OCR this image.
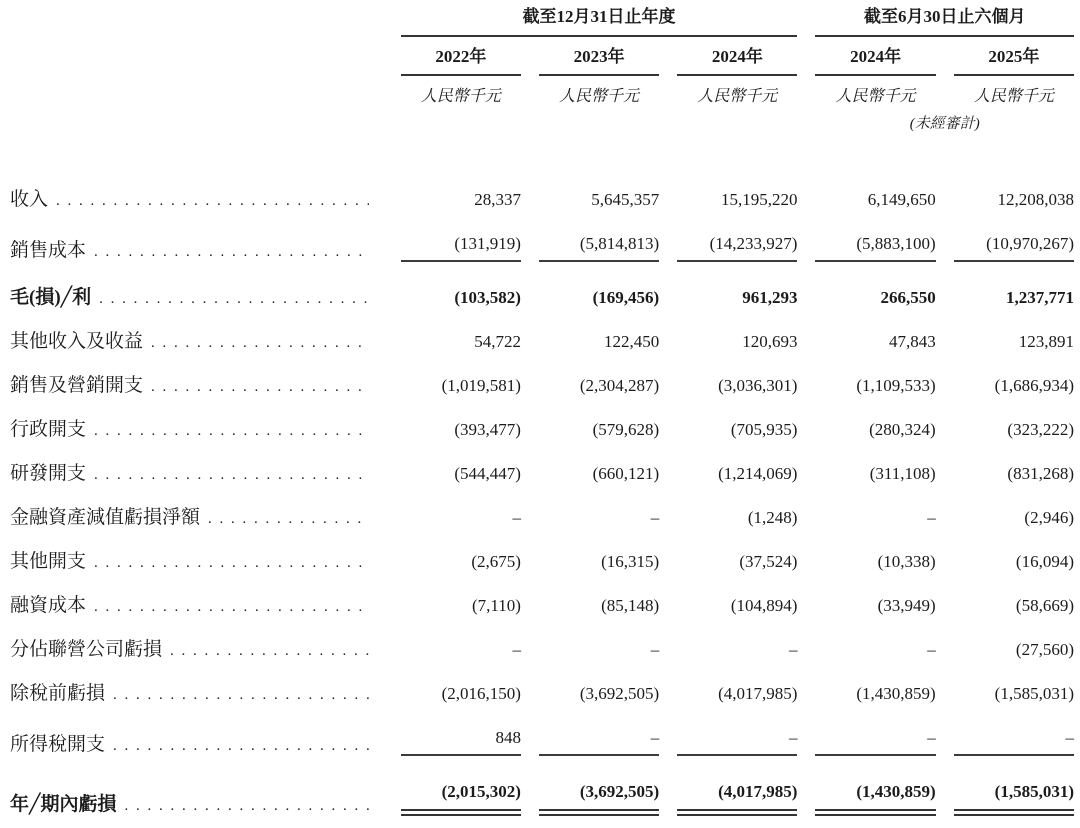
	截至12月31日止年度			截至6月30日止六個月	

	2022年	2023年	2024年	2024年	2025年

	人民幣千元	人民幣千元	人民幣千元	人民幣千元	人民幣千元

				(未經審計)	

收入
. . .	28,337	5,645,357	15,195,220	6,149,650	12,208,038

銷售成本
. . .	(131,919)	(5,814,813)	(14,233,927)	(5,883,100)	(10,970,267)

毛(損)╱利
. . .	(103,582)	(169,456)	961,293	266,550	1,237,771

其他收入及收益
. . .	54,722	122,450	120,693	47,843	123,891

銷售及營銷開支
. . .	(1,019,581)	(2,304,287)	(3,036,301)	(1,109,533)	(1,686,934)

行政開支
. . .	(393,477)	(579,628)	(705,935)	(280,324)	(323,222)

研發開支
. . .	(544,447)	(660,121)	(1,214,069)	(311,108)	(831,268)

金融資產減值虧損淨額
. . .	–	–	(1,248)	–	(2,946)

其他開支
. . .	(2,675)	(16,315)	(37,524)	(10,338)	(16,094)

融資成本
. . .	(7,110)	(85,148)	(104,894)	(33,949)	(58,669)

分佔聯營公司虧損
. . .	–	–	–	–	(27,560)

除稅前虧損
. . .	(2,016,150)	(3,692,505)	(4,017,985)	(1,430,859)	(1,585,031)

所得稅開支
. . .	848	–	–	–	–

年╱期內虧損
. . .	(2,015,302)	(3,692,505)	(4,017,985)	(1,430,859)	(1,585,031)
